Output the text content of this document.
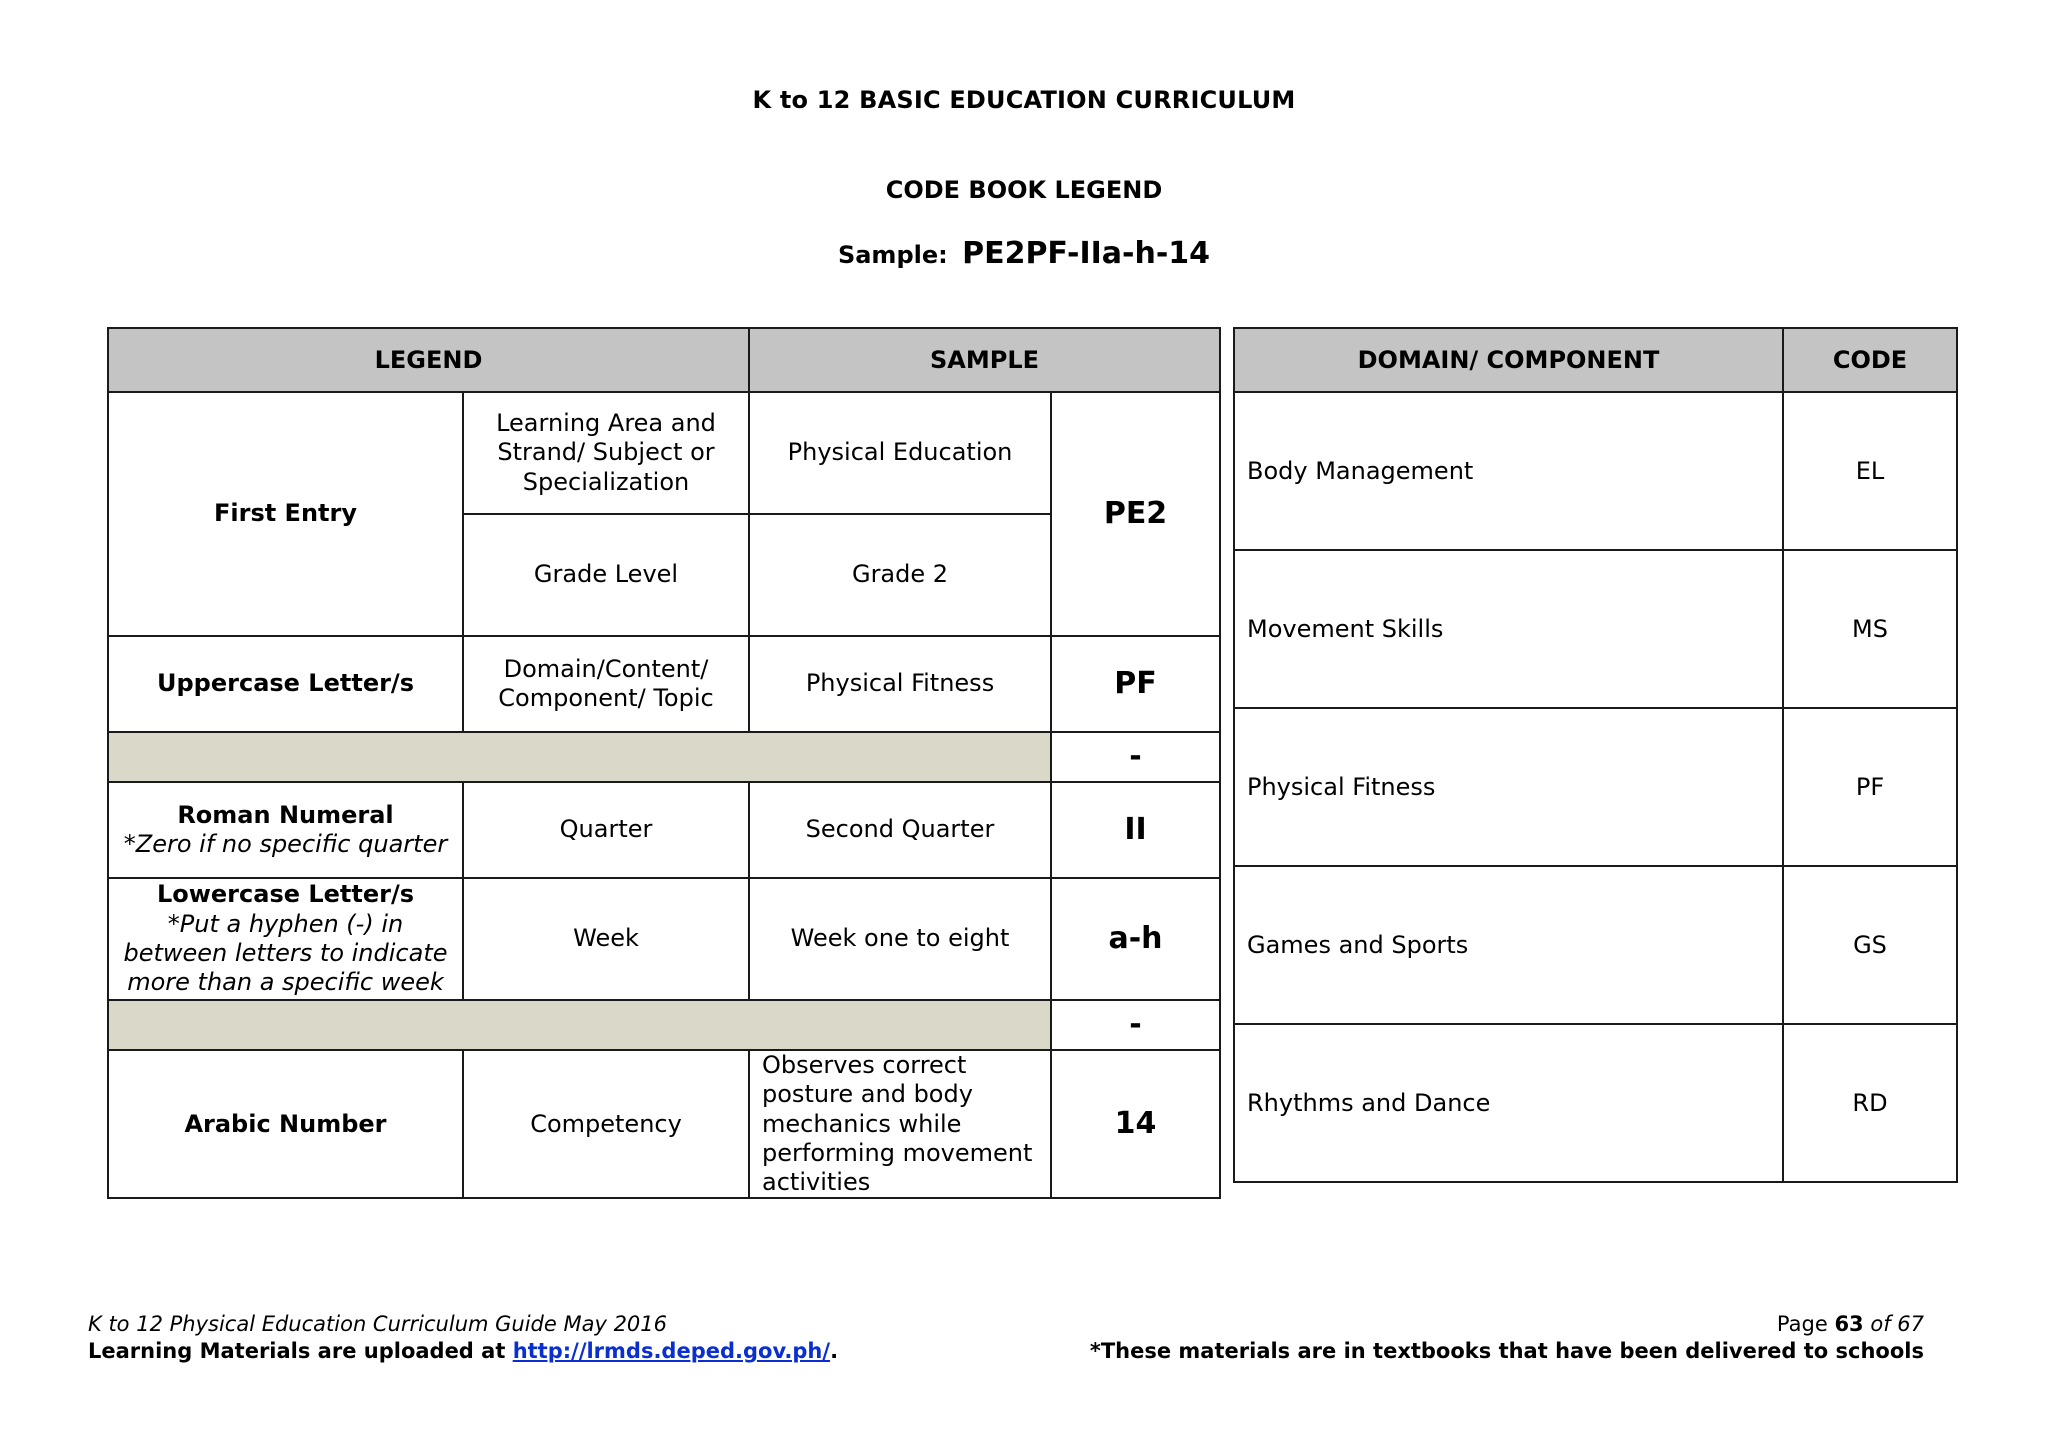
K to 12 BASIC EDUCATION CURRICULUM
CODE BOOK LEGEND
Sample: PE2PF-IIa-h-14
LEGEND		SAMPLE	
First Entry	Learning Area and Strand/ Subject or Specialization	Physical Education	PE2
	Grade Level	Grade 2	
Uppercase Letter/s	Domain/Content/ Component/ Topic	Physical Fitness	PF
			-

Roman Numeral
*Zero if no specific quarter	Quarter	Second Quarter	II

Lowercase Letter/s
*Put a hyphen (-) in between letters to indicate more than a specific week	Week	Week one to eight	a-h
			-
Arabic Number	Competency	Observes correct posture and body mechanics while performing movement activities	14
DOMAIN/ COMPONENT	CODE
Body Management	EL
Movement Skills	MS
Physical Fitness	PF
Games and Sports	GS
Rhythms and Dance	RD
K to 12 Physical Education Curriculum Guide May 2016
Learning Materials are uploaded at http://lrmds.deped.gov.ph/.
Page 63 of 67
*These materials are in textbooks that have been delivered to schools
